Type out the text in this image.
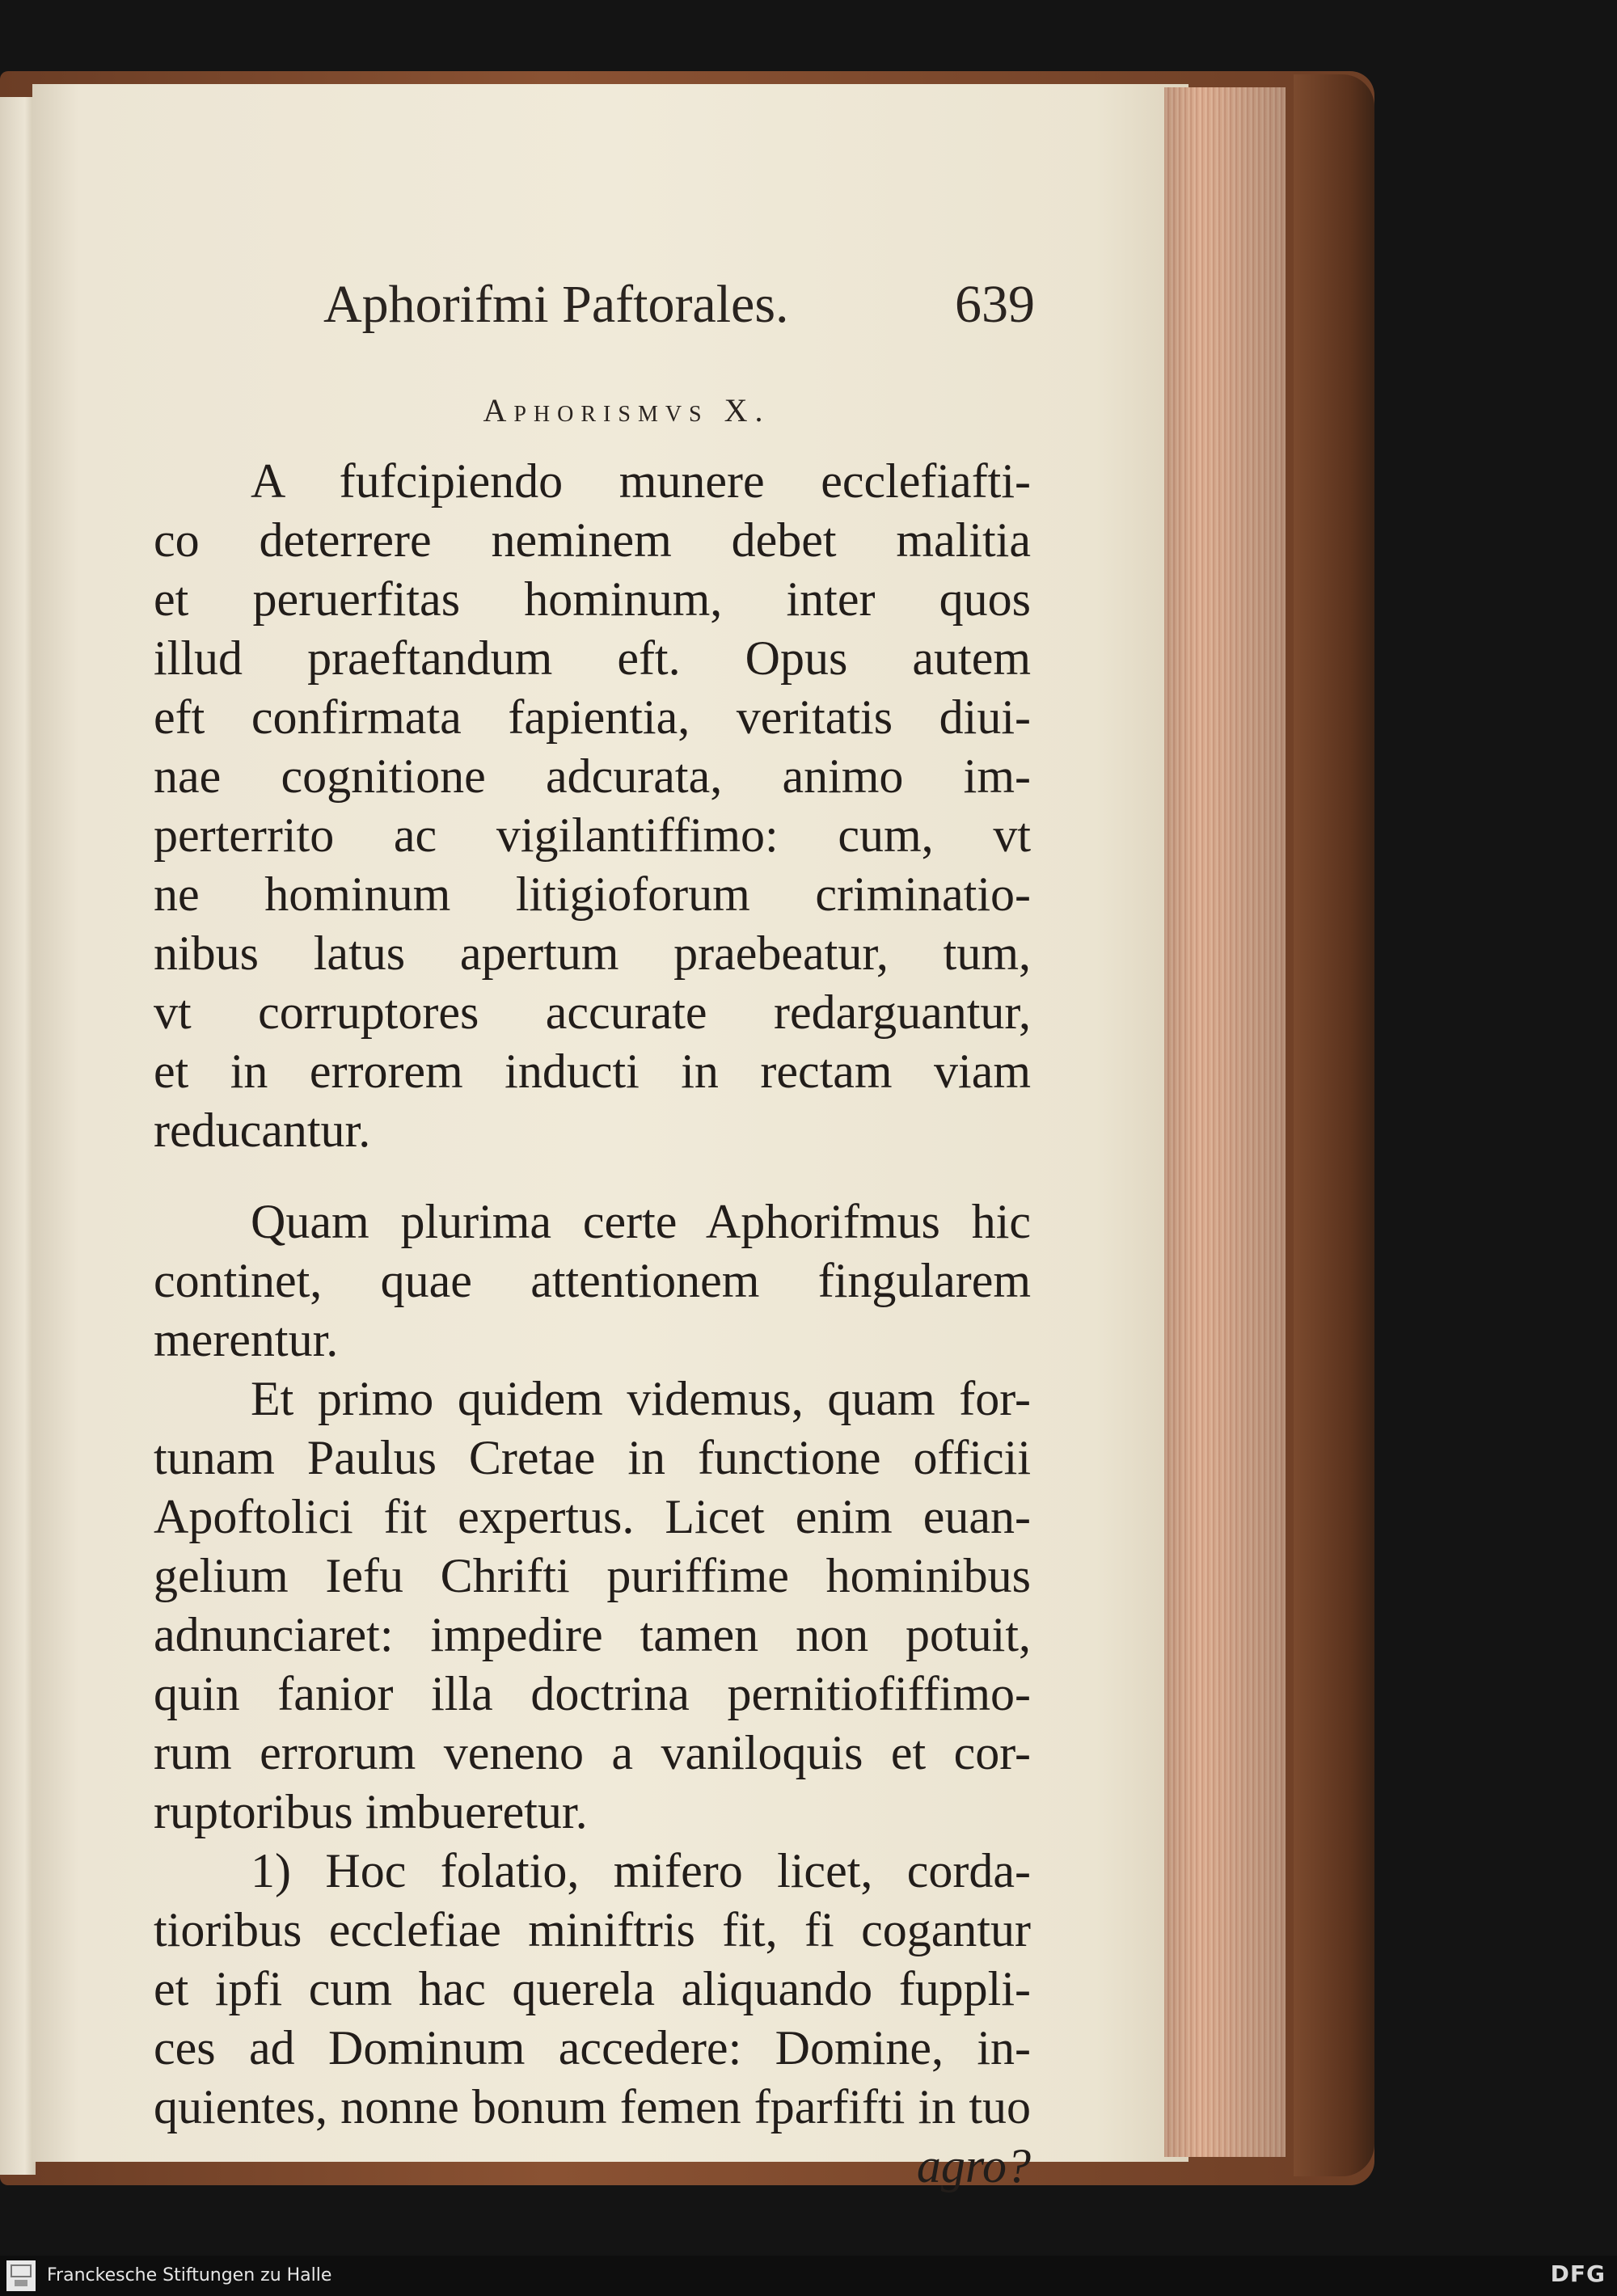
Aphorifmi Paftorales.	639
Aphorismvs X.
A fufcipiendo munere ecclefiafti-
co deterrere neminem debet malitia
et peruerfitas hominum, inter quos
illud praeftandum eft. Opus autem
eft confirmata fapientia, veritatis diui-
nae cognitione adcurata, animo im-
perterrito ac vigilantiffimo: cum, vt
ne hominum litigioforum criminatio-
nibus latus apertum praebeatur, tum,
vt corruptores accurate redarguantur,
et in errorem inducti in rectam viam
reducantur.
Quam plurima certe Aphorifmus hic
continet, quae attentionem fingularem
merentur.
Et primo quidem videmus, quam for-
tunam Paulus Cretae in functione officii
Apoftolici fit expertus. Licet enim euan-
gelium Iefu Chrifti puriffime hominibus
adnunciaret: impedire tamen non potuit,
quin fanior illa doctrina pernitiofiffimo-
rum errorum veneno a vaniloquis et cor-
ruptoribus imbueretur.
1) Hoc folatio, mifero licet, corda-
tioribus ecclefiae miniftris fit, fi cogantur
et ipfi cum hac querela aliquando fuppli-
ces ad Dominum accedere: Domine, in-
quientes, nonne bonum femen fparfifti in tuo
agro?
Franckesche Stiftungen zu Halle	DFG
